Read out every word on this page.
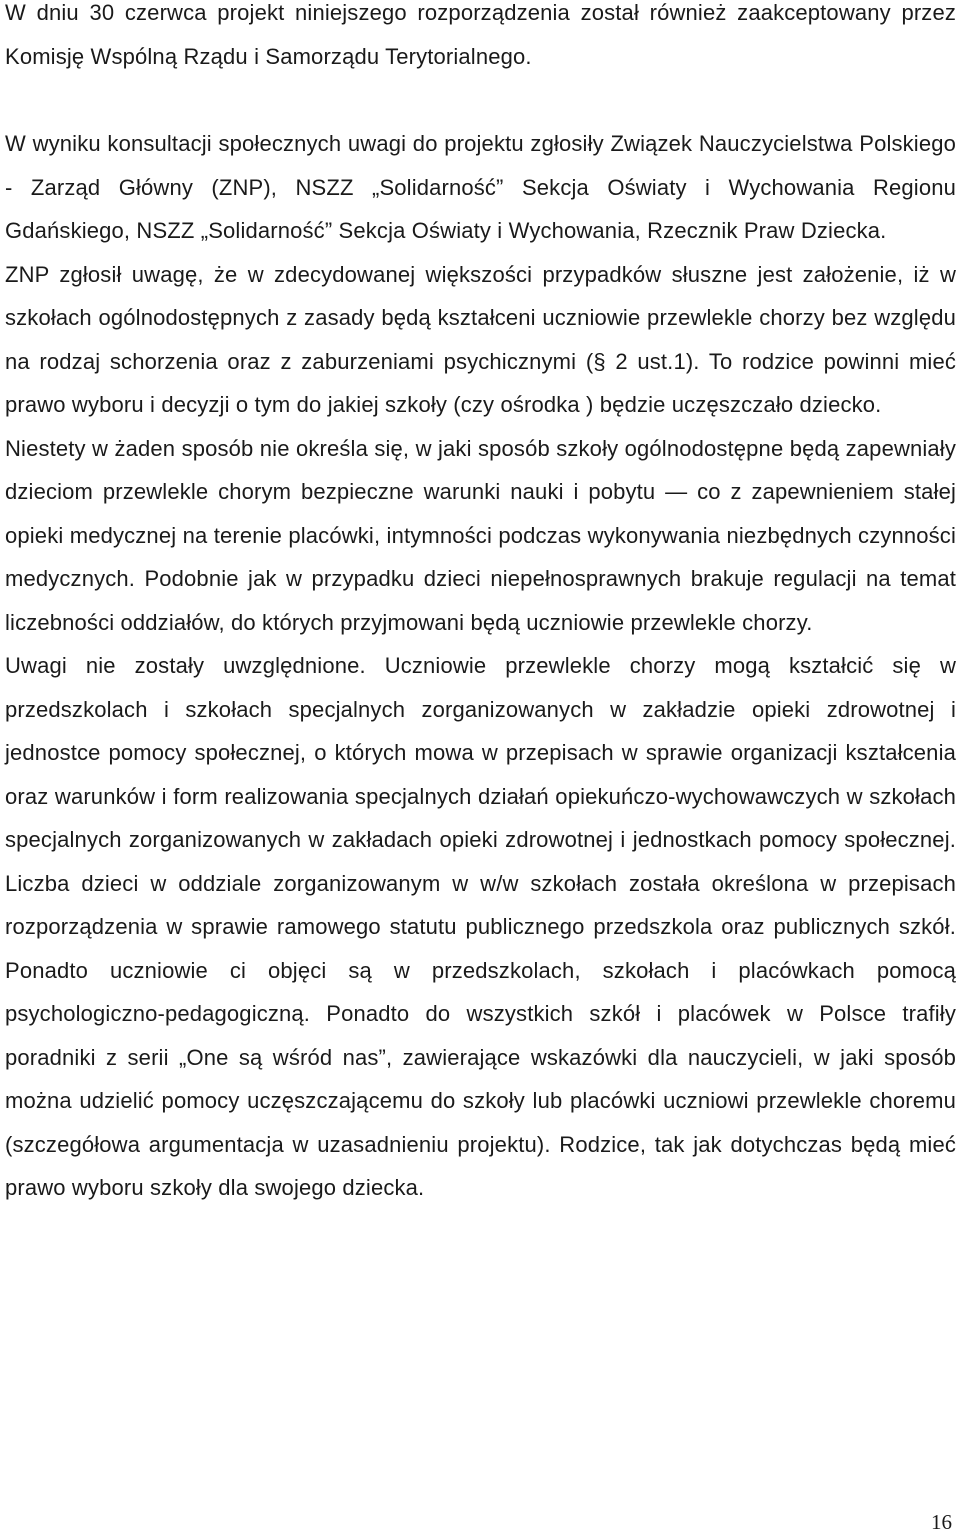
W dniu 30 czerwca projekt niniejszego rozporządzenia został również zaakceptowany przez Komisję Wspólną Rządu i Samorządu Terytorialnego.

W wyniku konsultacji społecznych uwagi do projektu zgłosiły Związek Nauczycielstwa Polskiego - Zarząd Główny (ZNP), NSZZ „Solidarność” Sekcja Oświaty i Wychowania Regionu Gdańskiego, NSZZ „Solidarność” Sekcja Oświaty i Wychowania, Rzecznik Praw Dziecka.

ZNP zgłosił uwagę, że w zdecydowanej większości przypadków słuszne jest założenie, iż w szkołach ogólnodostępnych z zasady będą kształceni uczniowie przewlekle chorzy bez względu na rodzaj schorzenia oraz z zaburzeniami psychicznymi (§ 2 ust.1). To rodzice powinni mieć prawo wyboru i decyzji o tym do jakiej szkoły (czy ośrodka ) będzie uczęszczało dziecko.

Niestety w żaden sposób nie określa się, w jaki sposób szkoły ogólnodostępne będą zapewniały dzieciom przewlekle chorym bezpieczne warunki nauki i pobytu — co z zapewnieniem stałej opieki medycznej na terenie placówki, intymności podczas wykonywania niezbędnych czynności medycznych. Podobnie jak w przypadku dzieci niepełnosprawnych brakuje regulacji na temat liczebności oddziałów, do których przyjmowani będą uczniowie przewlekle chorzy.

Uwagi nie zostały uwzględnione. Uczniowie przewlekle chorzy mogą kształcić się w przedszkolach i szkołach specjalnych zorganizowanych w zakładzie opieki zdrowotnej i jednostce pomocy społecznej, o których mowa w przepisach w sprawie organizacji kształcenia oraz warunków i form realizowania specjalnych działań opiekuńczo-wychowawczych w szkołach specjalnych zorganizowanych w zakładach opieki zdrowotnej i jednostkach pomocy społecznej. Liczba dzieci w oddziale zorganizowanym w w/w szkołach została określona w przepisach rozporządzenia w sprawie ramowego statutu publicznego przedszkola oraz publicznych szkół. Ponadto uczniowie ci objęci są w przedszkolach, szkołach i placówkach pomocą psychologiczno-pedagogiczną. Ponadto do wszystkich szkół i placówek w Polsce trafiły poradniki z serii „One są wśród nas”, zawierające wskazówki dla nauczycieli, w jaki sposób można udzielić pomocy uczęszczającemu do szkoły lub placówki uczniowi przewlekle choremu (szczegółowa argumentacja w uzasadnieniu projektu). Rodzice, tak jak dotychczas będą mieć prawo wyboru szkoły dla swojego dziecka.

16
